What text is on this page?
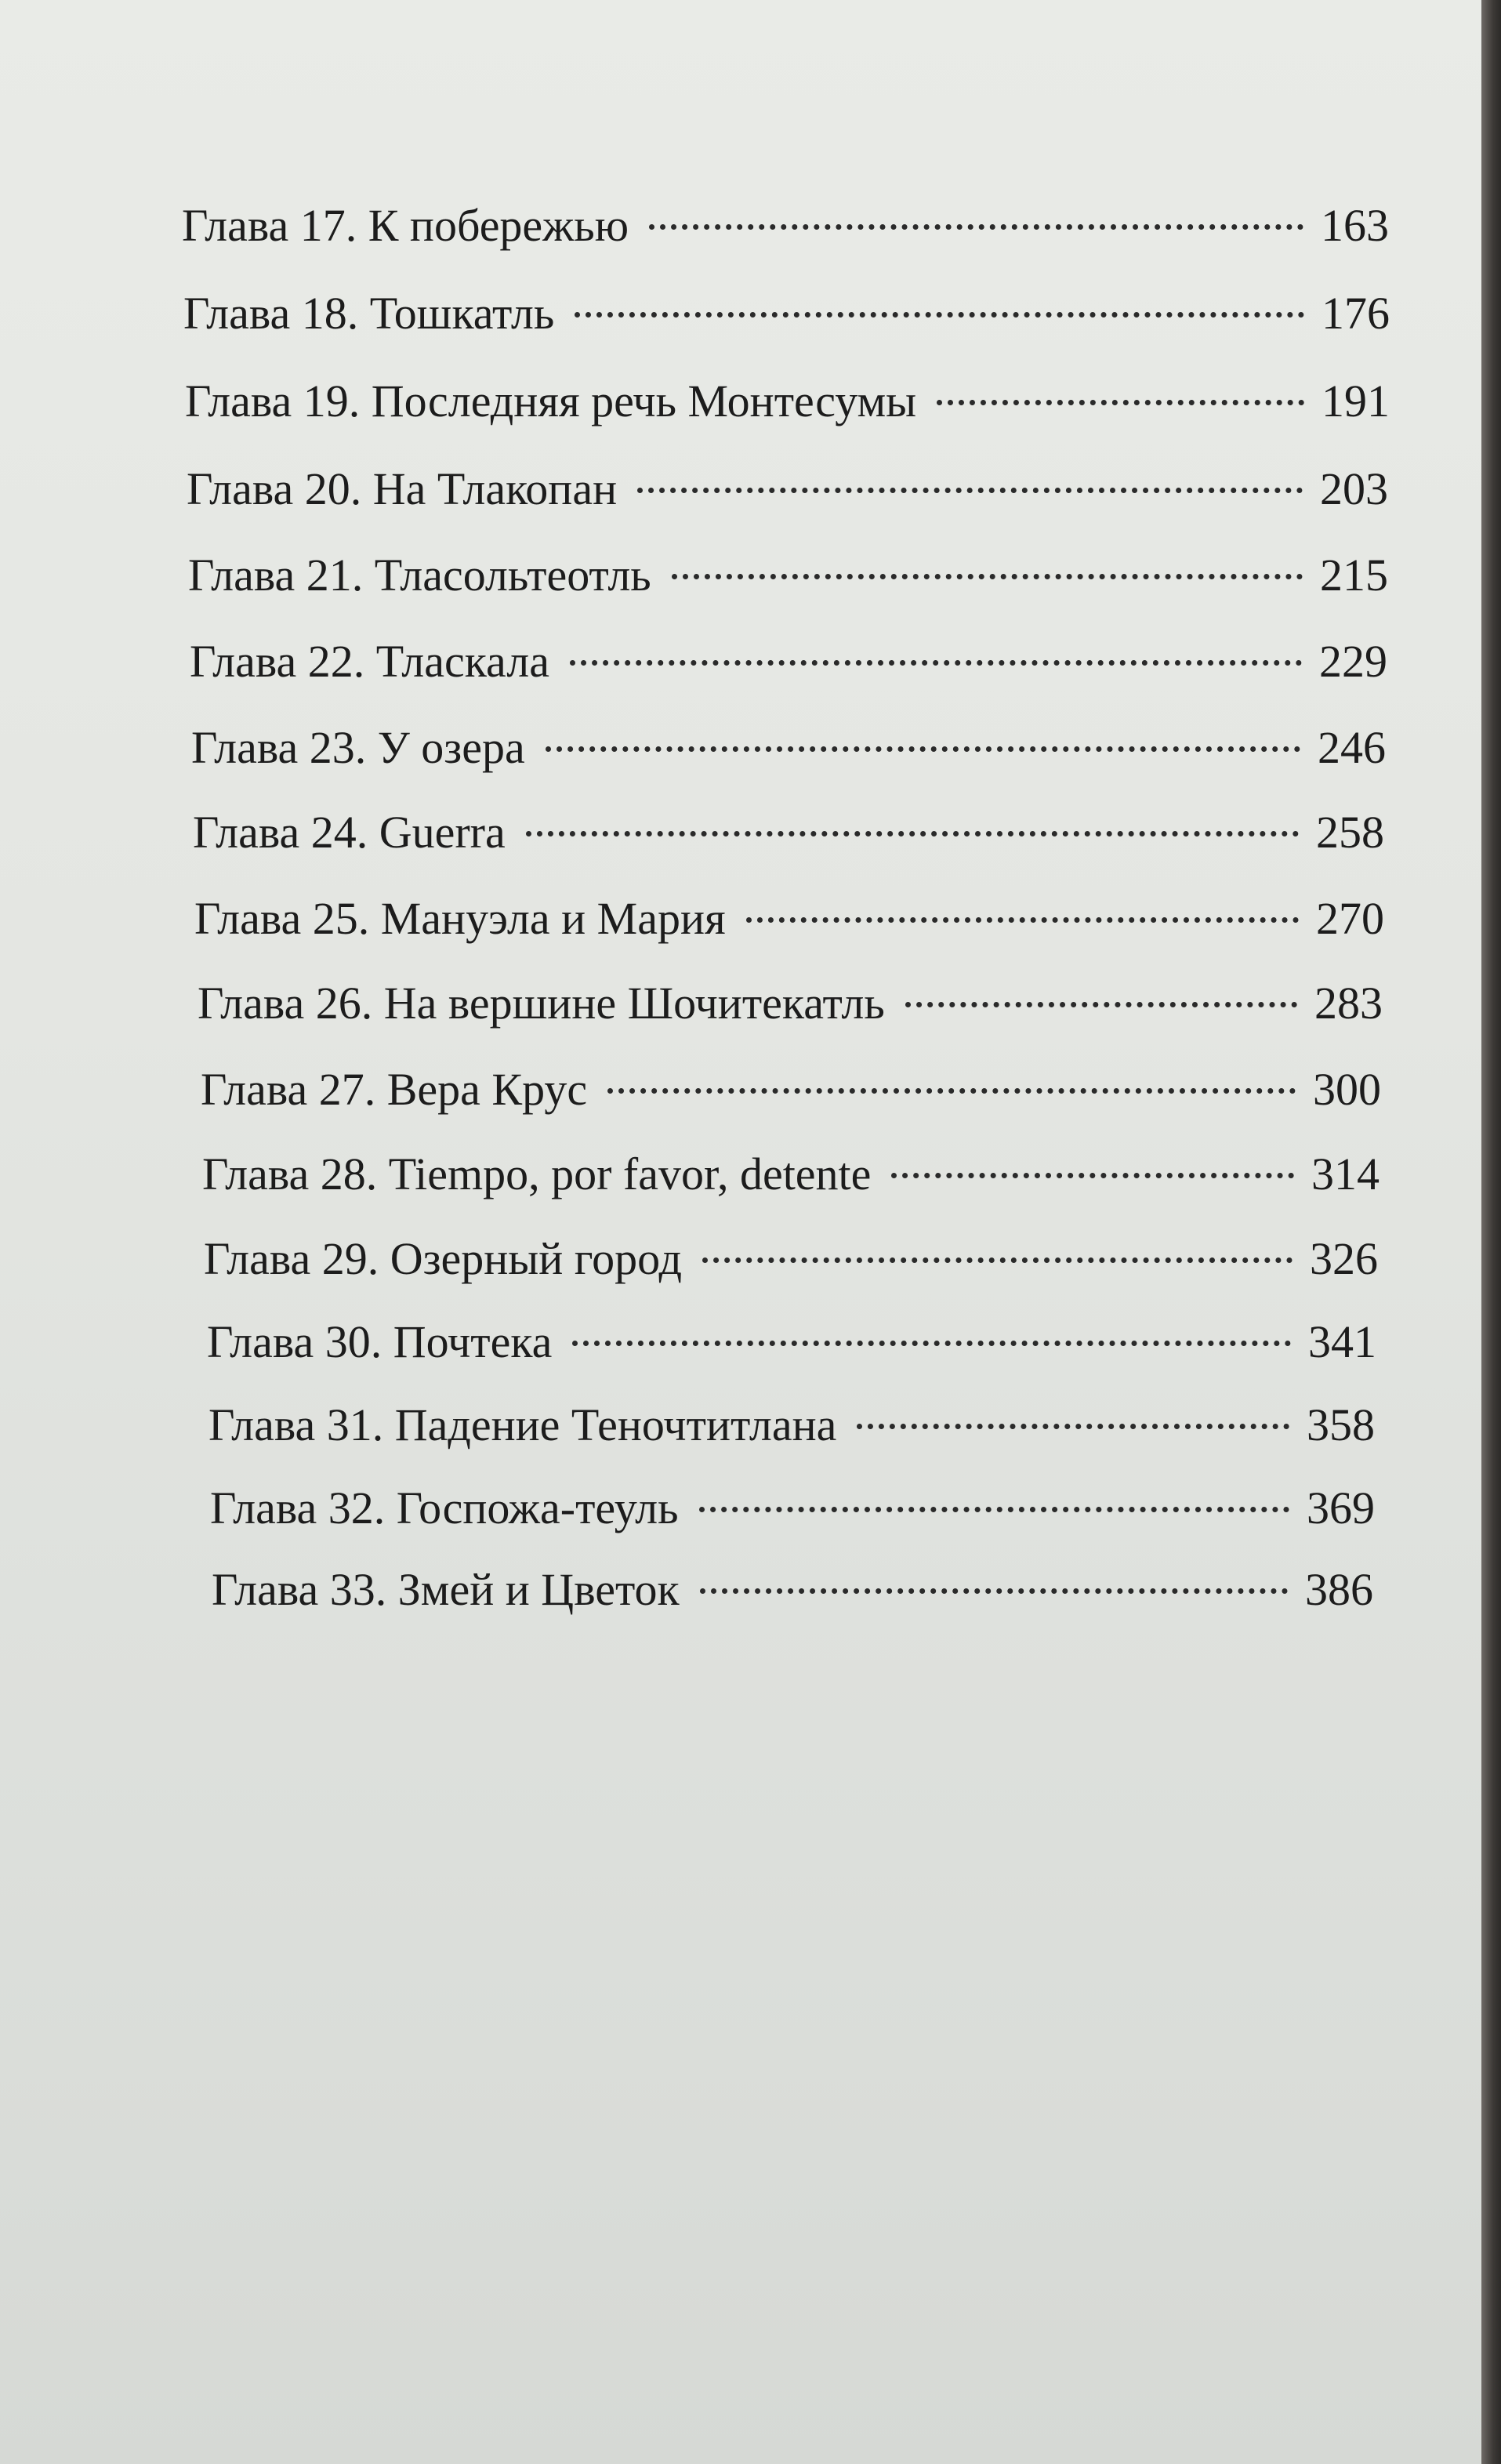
Глава 17. К побережью	163
Глава 18. Тошкатль	176
Глава 19. Последняя речь Монтесумы	191
Глава 20. На Тлакопан	203
Глава 21. Тласольтеотль	215
Глава 22. Тласкала	229
Глава 23. У озера	246
Глава 24. Guerra	258
Глава 25. Мануэла и Мария	270
Глава 26. На вершине Шочитекатль	283
Глава 27. Вера Крус	300
Глава 28. Tiempo, por favor, detente	314
Глава 29. Озерный город	326
Глава 30. Почтека	341
Глава 31. Падение Теночтитлана	358
Глава 32. Госпожа-теуль	369
Глава 33. Змей и Цветок	386
